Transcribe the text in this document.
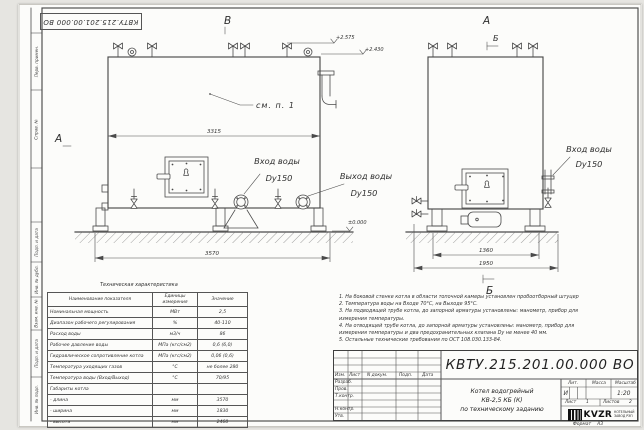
см. п. 1
3315
3570
±0.000
+2.575
+2.430
Вход воды
Dy150	Выход воды
Dy150
В
А
Вход воды
Dy150
А
Б
1360
1950
Б
Перв. примен.
Справ. №
Подп. и дата
Инв. № дубл.
Взам. инв. №
Подп. и дата
Инв. № подл.
КВТУ.215.201.00.000 ВО
Техническая характеристика
Наименование показателя	Единицы измерения	Значение
Номинальная мощность	МВт	2,5
Диапазон рабочего регулирования	%	40-110
Расход воды	м3/ч	86
Рабочее давление воды	МПа (кгс/см2)	0,6 (6,0)
Гидравлическое сопротивление котла	МПа (кгс/см2)	0,06 (0,6)
Температура уходящих газов	°С	не более 280
Температура воды (Вход/Выход)	°С	70/95
Габариты котла		
- длина	мм	3570
- ширина	мм	1830
- высота	мм	2460
1. На боковой стенке котла в области топочной камеры установлен пробоотборный штуцер
2. Температура воды на Входе 70°С, на Выходе 95°С.
3. На подводящей трубе котла, до запорной арматуры установлены: манометр, прибор для
измерения температуры.
4. На отводящей трубе котла, до запорной арматуры установлены: манометр, прибор для
измерения температуры и два предохранительных клапана Dу не менее 40 мм.
5. Остальные технические требования по ОСТ 108.030.133-84.
Изм. Лист N докум.	Подп. Дата
Разраб.
Пров.
Т.контр.
Н.контр.
Утв.
КВТУ.215.201.00.000 ВО
Котел водогрейный
КВ-2,5 КБ (К)
по техническому заданию
Лит.	Масса Масштаб
И	1:20
Лист 1	Листов 2
KVZR КОТЕЛЬНЫЙ
ЗАВОД РЭП
Формат А3
